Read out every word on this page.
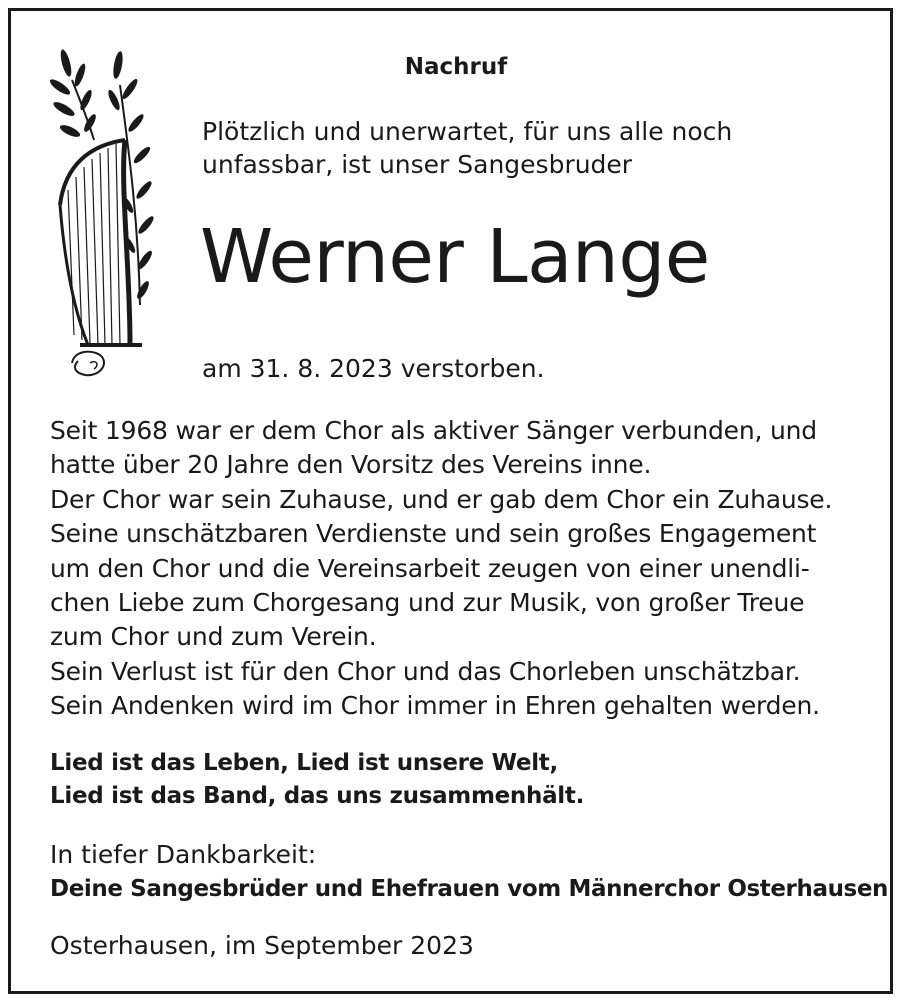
Nachruf
Plötzlich und unerwartet, für uns alle noch
unfassbar, ist unser Sangesbruder
Werner Lange
am 31. 8. 2023 verstorben.
Seit 1968 war er dem Chor als aktiver Sänger verbunden, und
hatte über 20 Jahre den Vorsitz des Vereins inne.
Der Chor war sein Zuhause, und er gab dem Chor ein Zuhause.
Seine unschätzbaren Verdienste und sein großes Engagement
um den Chor und die Vereinsarbeit zeugen von einer unendli-
chen Liebe zum Chorgesang und zur Musik, von großer Treue
zum Chor und zum Verein.
Sein Verlust ist für den Chor und das Chorleben unschätzbar.
Sein Andenken wird im Chor immer in Ehren gehalten werden.
Lied ist das Leben, Lied ist unsere Welt,
Lied ist das Band, das uns zusammenhält.
In tiefer Dankbarkeit:
Deine Sangesbrüder und Ehefrauen vom Männerchor Osterhausen
Osterhausen, im September 2023
